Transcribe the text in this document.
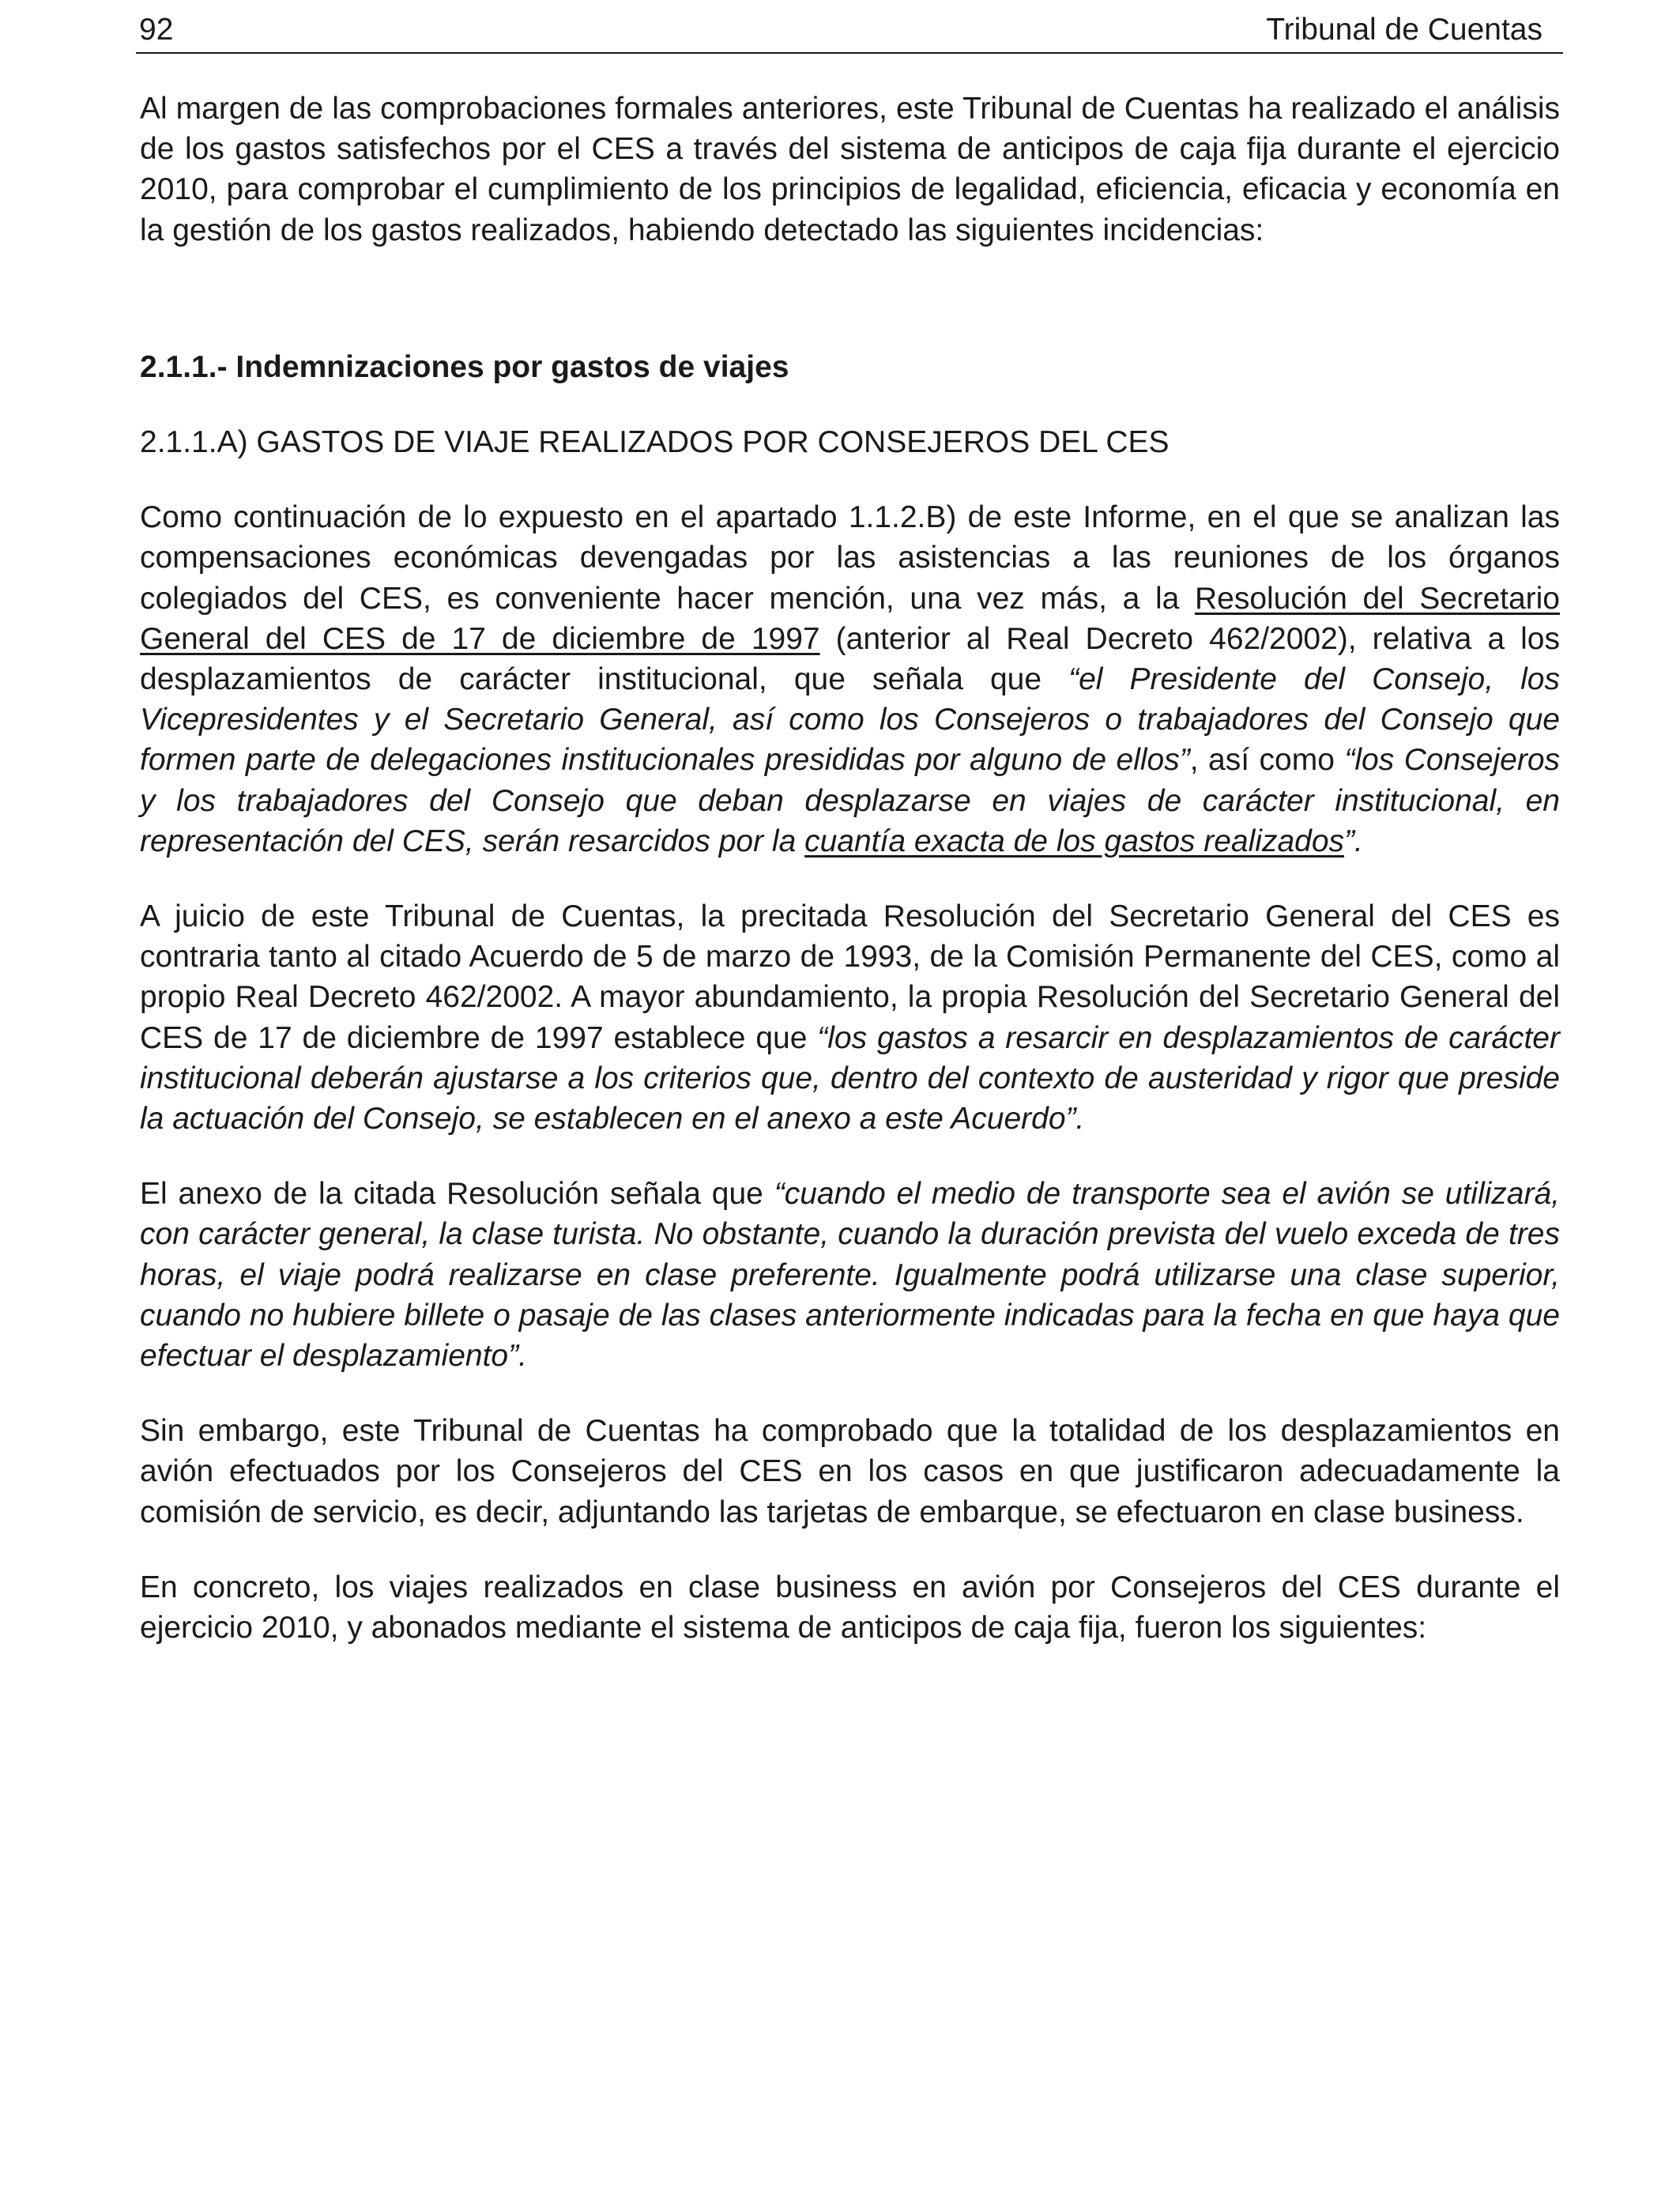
92	Tribunal de Cuentas

Al margen de las comprobaciones formales anteriores, este Tribunal de Cuentas ha realizado el análisis de los gastos satisfechos por el CES a través del sistema de anticipos de caja fija durante el ejercicio 2010, para comprobar el cumplimiento de los principios de legalidad, eficiencia, eficacia y economía en la gestión de los gastos realizados, habiendo detectado las siguientes incidencias:

2.1.1.- Indemnizaciones por gastos de viajes

2.1.1.A) GASTOS DE VIAJE REALIZADOS POR CONSEJEROS DEL CES

Como continuación de lo expuesto en el apartado 1.1.2.B) de este Informe, en el que se analizan las compensaciones económicas devengadas por las asistencias a las reuniones de los órganos colegiados del CES, es conveniente hacer mención, una vez más, a la Resolución del Secretario General del CES de 17 de diciembre de 1997 (anterior al Real Decreto 462/2002), relativa a los desplazamientos de carácter institucional, que señala que “el Presidente del Consejo, los Vicepresidentes y el Secretario General, así como los Consejeros o trabajadores del Consejo que formen parte de delegaciones institucionales presididas por alguno de ellos”, así como “los Consejeros y los trabajadores del Consejo que deban desplazarse en viajes de carácter institucional, en representación del CES, serán resarcidos por la cuantía exacta de los gastos realizados”.

A juicio de este Tribunal de Cuentas, la precitada Resolución del Secretario General del CES es contraria tanto al citado Acuerdo de 5 de marzo de 1993, de la Comisión Permanente del CES, como al propio Real Decreto 462/2002. A mayor abundamiento, la propia Resolución del Secretario General del CES de 17 de diciembre de 1997 establece que “los gastos a resarcir en desplazamientos de carácter institucional deberán ajustarse a los criterios que, dentro del contexto de austeridad y rigor que preside la actuación del Consejo, se establecen en el anexo a este Acuerdo”.

El anexo de la citada Resolución señala que “cuando el medio de transporte sea el avión se utilizará, con carácter general, la clase turista. No obstante, cuando la duración prevista del vuelo exceda de tres horas, el viaje podrá realizarse en clase preferente. Igualmente podrá utilizarse una clase superior, cuando no hubiere billete o pasaje de las clases anteriormente indicadas para la fecha en que haya que efectuar el desplazamiento”.

Sin embargo, este Tribunal de Cuentas ha comprobado que la totalidad de los desplazamientos en avión efectuados por los Consejeros del CES en los casos en que justificaron adecuadamente la comisión de servicio, es decir, adjuntando las tarjetas de embarque, se efectuaron en clase business.

En concreto, los viajes realizados en clase business en avión por Consejeros del CES durante el ejercicio 2010, y abonados mediante el sistema de anticipos de caja fija, fueron los siguientes:
